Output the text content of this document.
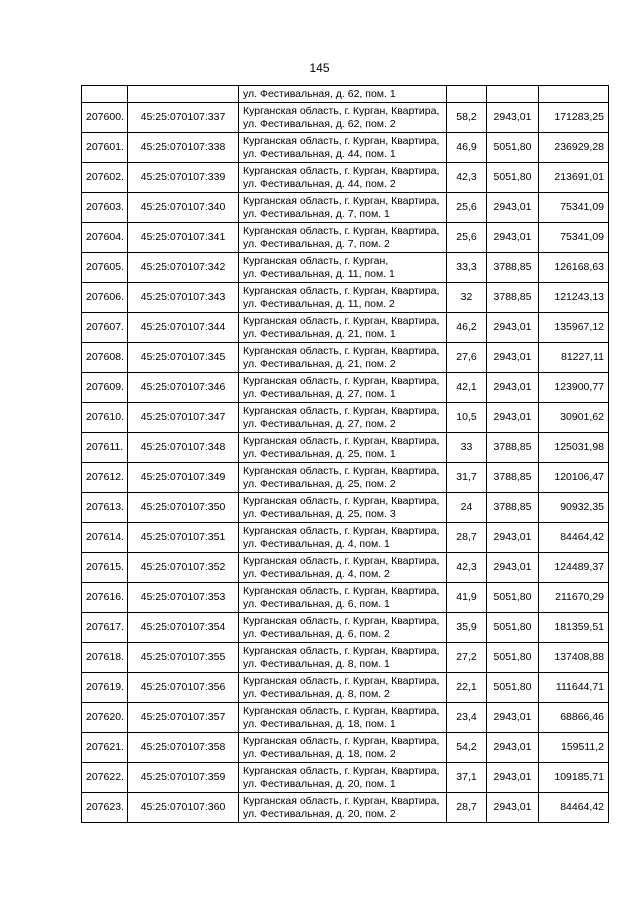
145
		ул. Фестивальная, д. 62, пом. 1			
207600.	45:25:070107:337	Курганская область, г. Курган, Квартира,
ул. Фестивальная, д. 62, пом. 2	58,2	2943,01	171283,25
207601.	45:25:070107:338	Курганская область, г. Курган, Квартира,
ул. Фестивальная, д. 44, пом. 1	46,9	5051,80	236929,28
207602.	45:25:070107:339	Курганская область, г. Курган, Квартира,
ул. Фестивальная, д. 44, пом. 2	42,3	5051,80	213691,01
207603.	45:25:070107:340	Курганская область, г. Курган, Квартира,
ул. Фестивальная, д. 7, пом. 1	25,6	2943,01	75341,09
207604.	45:25:070107:341	Курганская область, г. Курган, Квартира,
ул. Фестивальная, д. 7, пом. 2	25,6	2943,01	75341,09
207605.	45:25:070107:342	Курганская область, г. Курган,
ул. Фестивальная, д. 11, пом. 1	33,3	3788,85	126168,63
207606.	45:25:070107:343	Курганская область, г. Курган, Квартира,
ул. Фестивальная, д. 11, пом. 2	32	3788,85	121243,13
207607.	45:25:070107:344	Курганская область, г. Курган, Квартира,
ул. Фестивальная, д. 21, пом. 1	46,2	2943,01	135967,12
207608.	45:25:070107:345	Курганская область, г. Курган, Квартира,
ул. Фестивальная, д. 21, пом. 2	27,6	2943,01	81227,11
207609.	45:25:070107:346	Курганская область, г. Курган, Квартира,
ул. Фестивальная, д. 27, пом. 1	42,1	2943,01	123900,77
207610.	45:25:070107:347	Курганская область, г. Курган, Квартира,
ул. Фестивальная, д. 27, пом. 2	10,5	2943,01	30901,62
207611.	45:25:070107:348	Курганская область, г. Курган, Квартира,
ул. Фестивальная, д. 25, пом. 1	33	3788,85	125031,98
207612.	45:25:070107:349	Курганская область, г. Курган, Квартира,
ул. Фестивальная, д. 25, пом. 2	31,7	3788,85	120106,47
207613.	45:25:070107:350	Курганская область, г. Курган, Квартира,
ул. Фестивальная, д. 25, пом. 3	24	3788,85	90932,35
207614.	45:25:070107:351	Курганская область, г. Курган, Квартира,
ул. Фестивальная, д. 4, пом. 1	28,7	2943,01	84464,42
207615.	45:25:070107:352	Курганская область, г. Курган, Квартира,
ул. Фестивальная, д. 4, пом. 2	42,3	2943,01	124489,37
207616.	45:25:070107:353	Курганская область, г. Курган, Квартира,
ул. Фестивальная, д. 6, пом. 1	41,9	5051,80	211670,29
207617.	45:25:070107:354	Курганская область, г. Курган, Квартира,
ул. Фестивальная, д. 6, пом. 2	35,9	5051,80	181359,51
207618.	45:25:070107:355	Курганская область, г. Курган, Квартира,
ул. Фестивальная, д. 8, пом. 1	27,2	5051,80	137408,88
207619.	45:25:070107:356	Курганская область, г. Курган, Квартира,
ул. Фестивальная, д. 8, пом. 2	22,1	5051,80	111644,71
207620.	45:25:070107:357	Курганская область, г. Курган, Квартира,
ул. Фестивальная, д. 18, пом. 1	23,4	2943,01	68866,46
207621.	45:25:070107:358	Курганская область, г. Курган, Квартира,
ул. Фестивальная, д. 18, пом. 2	54,2	2943,01	159511,2
207622.	45:25:070107:359	Курганская область, г. Курган, Квартира,
ул. Фестивальная, д. 20, пом. 1	37,1	2943,01	109185,71
207623.	45:25:070107:360	Курганская область, г. Курган, Квартира,
ул. Фестивальная, д. 20, пом. 2	28,7	2943,01	84464,42
